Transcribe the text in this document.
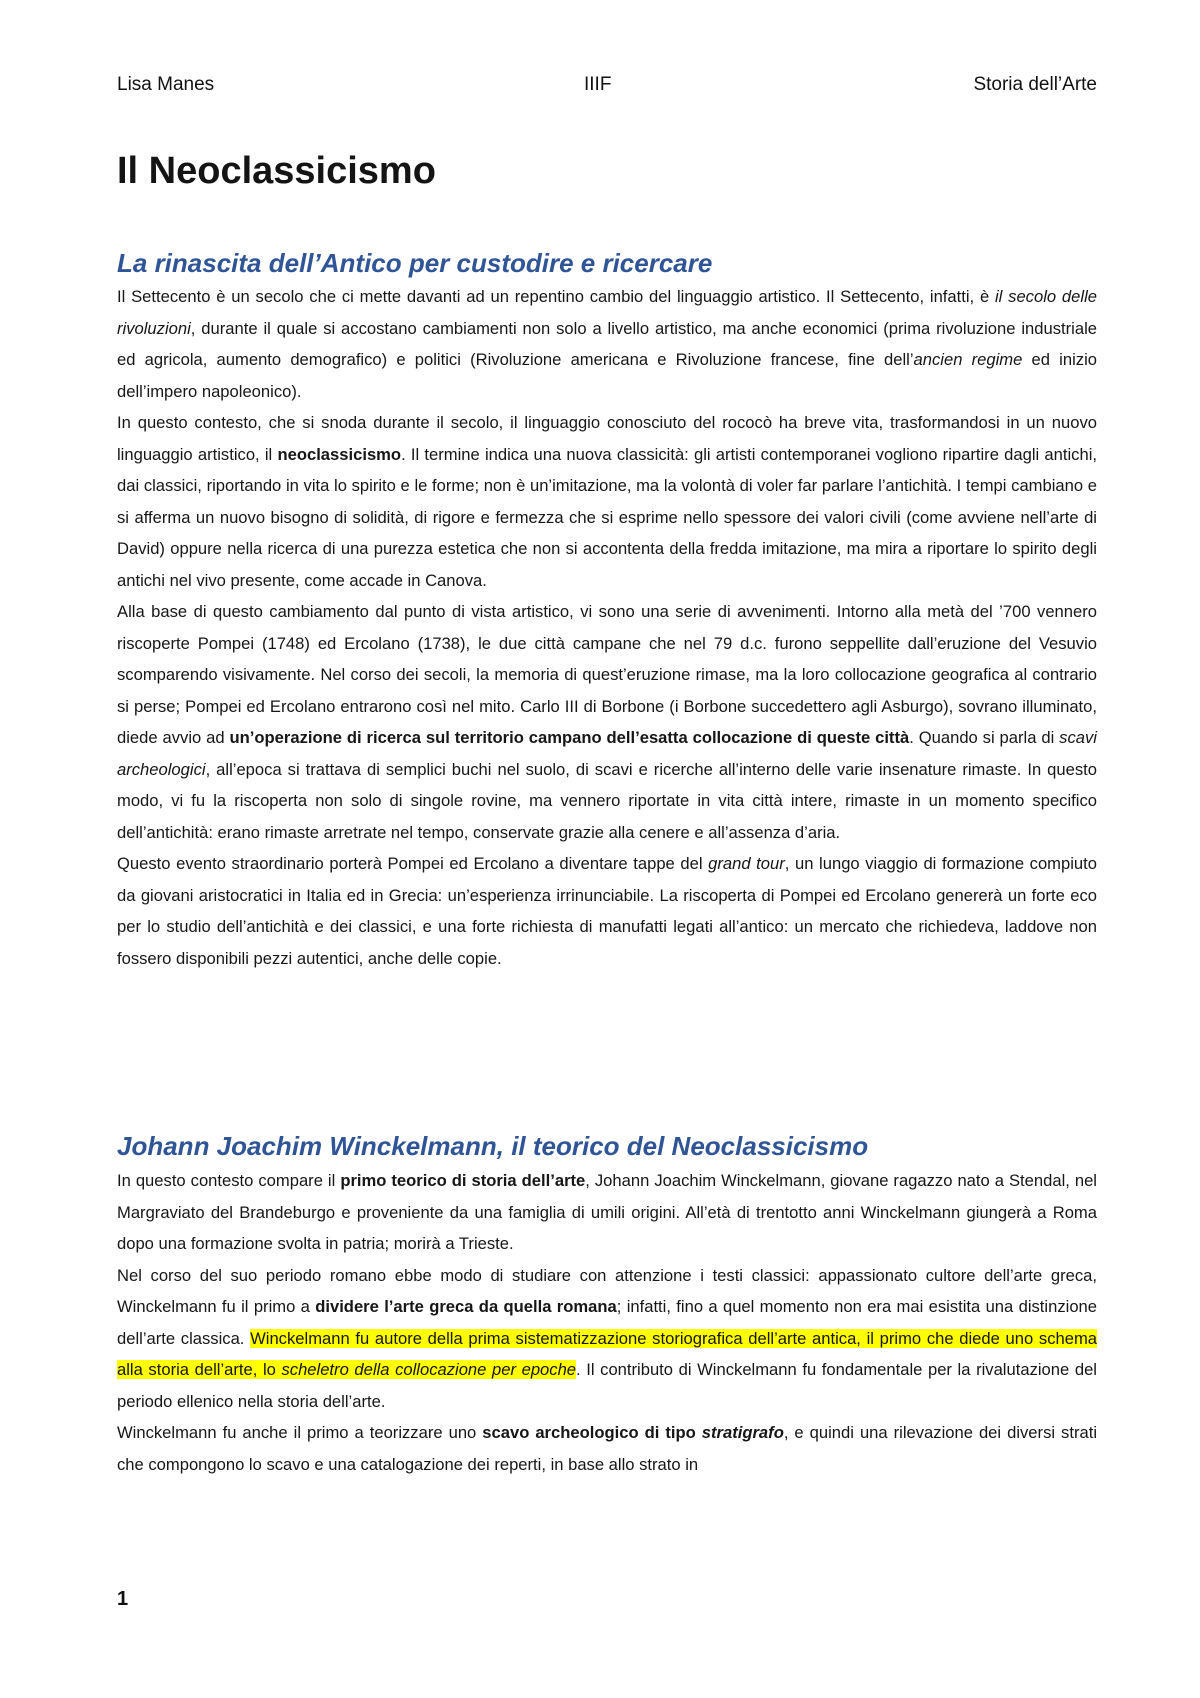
Lisa Manes	IIIF	Storia dell’Arte
Il Neoclassicismo
La rinascita dell’Antico per custodire e ricercare

Il Settecento è un secolo che ci mette davanti ad un repentino cambio del linguaggio artistico. Il Settecento, infatti, è il secolo delle rivoluzioni, durante il quale si accostano cambiamenti non solo a livello artistico, ma anche economici (prima rivoluzione industriale ed agricola, aumento demografico) e politici (Rivoluzione americana e Rivoluzione francese, fine dell’ancien regime ed inizio dell’impero napoleonico).

In questo contesto, che si snoda durante il secolo, il linguaggio conosciuto del rococò ha breve vita, trasformandosi in un nuovo linguaggio artistico, il neoclassicismo. Il termine indica una nuova classicità: gli artisti contemporanei vogliono ripartire dagli antichi, dai classici, riportando in vita lo spirito e le forme; non è un’imitazione, ma la volontà di voler far parlare l’antichità. I tempi cambiano e si afferma un nuovo bisogno di solidità, di rigore e fermezza che si esprime nello spessore dei valori civili (come avviene nell’arte di David) oppure nella ricerca di una purezza estetica che non si accontenta della fredda imitazione, ma mira a riportare lo spirito degli antichi nel vivo presente, come accade in Canova.

Alla base di questo cambiamento dal punto di vista artistico, vi sono una serie di avvenimenti. Intorno alla metà del ’700 vennero riscoperte Pompei (1748) ed Ercolano (1738), le due città campane che nel 79 d.c. furono seppellite dall’eruzione del Vesuvio scomparendo visivamente. Nel corso dei secoli, la memoria di quest’eruzione rimase, ma la loro collocazione geografica al contrario si perse; Pompei ed Ercolano entrarono così nel mito. Carlo III di Borbone (i Borbone succedettero agli Asburgo), sovrano illuminato, diede avvio ad un’operazione di ricerca sul territorio campano dell’esatta collocazione di queste città. Quando si parla di scavi archeologici, all’epoca si trattava di semplici buchi nel suolo, di scavi e ricerche all’interno delle varie insenature rimaste. In questo modo, vi fu la riscoperta non solo di singole rovine, ma vennero riportate in vita città intere, rimaste in un momento specifico dell’antichità: erano rimaste arretrate nel tempo, conservate grazie alla cenere e all’assenza d’aria.

Questo evento straordinario porterà Pompei ed Ercolano a diventare tappe del grand tour, un lungo viaggio di formazione compiuto da giovani aristocratici in Italia ed in Grecia: un’esperienza irrinunciabile. La riscoperta di Pompei ed Ercolano genererà un forte eco per lo studio dell’antichità e dei classici, e una forte richiesta di manufatti legati all’antico: un mercato che richiedeva, laddove non fossero disponibili pezzi autentici, anche delle copie.

Johann Joachim Winckelmann, il teorico del Neoclassicismo

In questo contesto compare il primo teorico di storia dell’arte, Johann Joachim Winckelmann, giovane ragazzo nato a Stendal, nel Margraviato del Brandeburgo e proveniente da una famiglia di umili origini. All’età di trentotto anni Winckelmann giungerà a Roma dopo una formazione svolta in patria; morirà a Trieste.

Nel corso del suo periodo romano ebbe modo di studiare con attenzione i testi classici: appassionato cultore dell’arte greca, Winckelmann fu il primo a dividere l’arte greca da quella romana; infatti, fino a quel momento non era mai esistita una distinzione dell’arte classica. Winckelmann fu autore della prima sistematizzazione storiografica dell’arte antica, il primo che diede uno schema alla storia dell’arte, lo scheletro della collocazione per epoche. Il contributo di Winckelmann fu fondamentale per la rivalutazione del periodo ellenico nella storia dell’arte.

Winckelmann fu anche il primo a teorizzare uno scavo archeologico di tipo stratigrafo, e quindi una rilevazione dei diversi strati che compongono lo scavo e una catalogazione dei reperti, in base allo strato in

1
